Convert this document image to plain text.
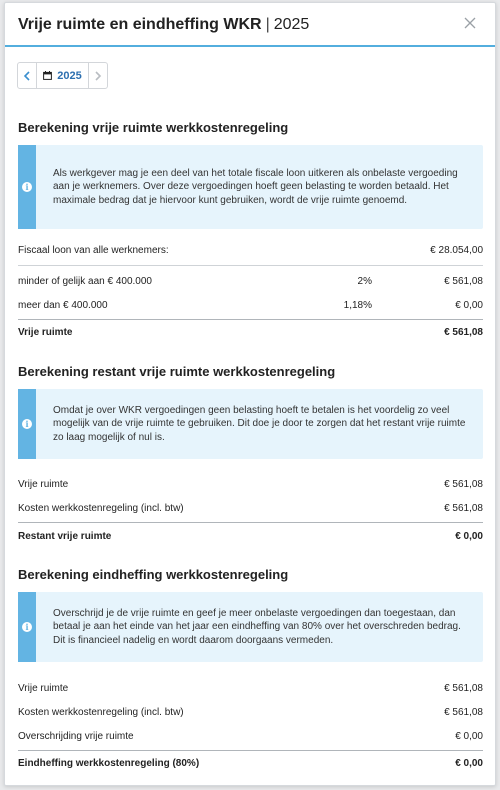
Vrije ruimte en eindheffing WKR | 2025
2025
Berekening vrije ruimte werkkostenregeling
i
Als werkgever mag je een deel van het totale fiscale loon uitkeren als onbelaste vergoeding aan je werknemers. Over deze vergoedingen hoeft geen belasting te worden betaald. Het maximale bedrag dat je hiervoor kunt gebruiken, wordt de vrije ruimte genoemd.
Fiscaal loon van alle werknemers:	€ 28.054,00
minder of gelijk aan € 400.000	2%	€ 561,08
meer dan € 400.000	1,18%	€ 0,00
Vrije ruimte	€ 561,08
Berekening restant vrije ruimte werkkostenregeling
i
Omdat je over WKR vergoedingen geen belasting hoeft te betalen is het voordelig zo veel mogelijk van de vrije ruimte te gebruiken. Dit doe je door te zorgen dat het restant vrije ruimte zo laag mogelijk of nul is.
Vrije ruimte	€ 561,08
Kosten werkkostenregeling (incl. btw)	€ 561,08
Restant vrije ruimte	€ 0,00
Berekening eindheffing werkkostenregeling
i
Overschrijd je de vrije ruimte en geef je meer onbelaste vergoedingen dan toegestaan, dan betaal je aan het einde van het jaar een eindheffing van 80% over het overschreden bedrag. Dit is financieel nadelig en wordt daarom doorgaans vermeden.
Vrije ruimte	€ 561,08
Kosten werkkostenregeling (incl. btw)	€ 561,08
Overschrijding vrije ruimte	€ 0,00
Eindheffing werkkostenregeling (80%)	€ 0,00
